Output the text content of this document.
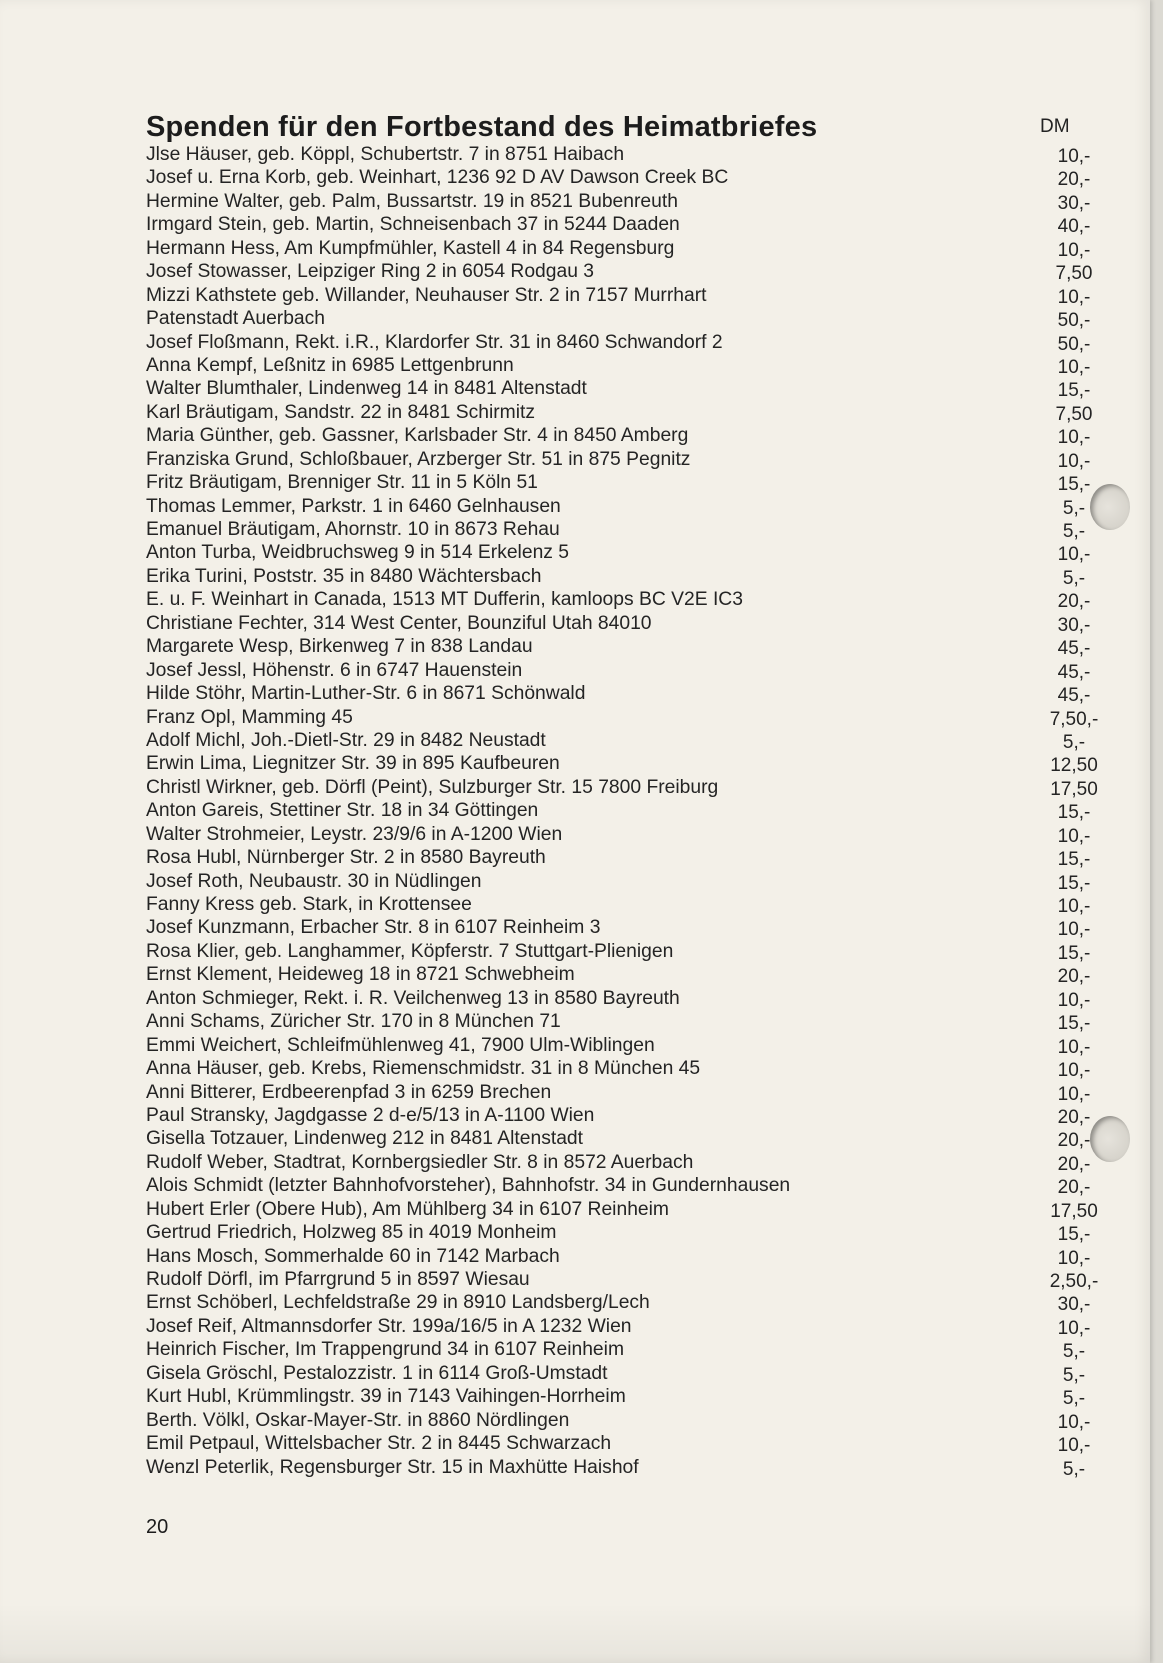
Spenden für den Fortbestand des Heimatbriefes	DM
Jlse Häuser, geb. Köppl, Schubertstr. 7 in 8751 Haibach	10,-
Josef u. Erna Korb, geb. Weinhart, 1236 92 D AV Dawson Creek BC	20,-
Hermine Walter, geb. Palm, Bussartstr. 19 in 8521 Bubenreuth	30,-
Irmgard Stein, geb. Martin, Schneisenbach 37 in 5244 Daaden	40,-
Hermann Hess, Am Kumpfmühler, Kastell 4 in 84 Regensburg	10,-
Josef Stowasser, Leipziger Ring 2 in 6054 Rodgau 3	7,50
Mizzi Kathstete geb. Willander, Neuhauser Str. 2 in 7157 Murrhart	10,-
Patenstadt Auerbach	50,-
Josef Floßmann, Rekt. i.R., Klardorfer Str. 31 in 8460 Schwandorf 2	50,-
Anna Kempf, Leßnitz in 6985 Lettgenbrunn	10,-
Walter Blumthaler, Lindenweg 14 in 8481 Altenstadt	15,-
Karl Bräutigam, Sandstr. 22 in 8481 Schirmitz	7,50
Maria Günther, geb. Gassner, Karlsbader Str. 4 in 8450 Amberg	10,-
Franziska Grund, Schloßbauer, Arzberger Str. 51 in 875 Pegnitz	10,-
Fritz Bräutigam, Brenniger Str. 11 in 5 Köln 51	15,-
Thomas Lemmer, Parkstr. 1 in 6460 Gelnhausen	5,-
Emanuel Bräutigam, Ahornstr. 10 in 8673 Rehau	5,-
Anton Turba, Weidbruchsweg 9 in 514 Erkelenz 5	10,-
Erika Turini, Poststr. 35 in 8480 Wächtersbach	5,-
E. u. F. Weinhart in Canada, 1513 MT Dufferin, kamloops BC V2E IC3	20,-
Christiane Fechter, 314 West Center, Bounziful Utah 84010	30,-
Margarete Wesp, Birkenweg 7 in 838 Landau	45,-
Josef Jessl, Höhenstr. 6 in 6747 Hauenstein	45,-
Hilde Stöhr, Martin-Luther-Str. 6 in 8671 Schönwald	45,-
Franz Opl, Mamming 45	7,50,-
Adolf Michl, Joh.-Dietl-Str. 29 in 8482 Neustadt	5,-
Erwin Lima, Liegnitzer Str. 39 in 895 Kaufbeuren	12,50
Christl Wirkner, geb. Dörfl (Peint), Sulzburger Str. 15 7800 Freiburg	17,50
Anton Gareis, Stettiner Str. 18 in 34 Göttingen	15,-
Walter Strohmeier, Leystr. 23/9/6 in A-1200 Wien	10,-
Rosa Hubl, Nürnberger Str. 2 in 8580 Bayreuth	15,-
Josef Roth, Neubaustr. 30 in Nüdlingen	15,-
Fanny Kress geb. Stark, in Krottensee	10,-
Josef Kunzmann, Erbacher Str. 8 in 6107 Reinheim 3	10,-
Rosa Klier, geb. Langhammer, Köpferstr. 7 Stuttgart-Plienigen	15,-
Ernst Klement, Heideweg 18 in 8721 Schwebheim	20,-
Anton Schmieger, Rekt. i. R. Veilchenweg 13 in 8580 Bayreuth	10,-
Anni Schams, Züricher Str. 170 in 8 München 71	15,-
Emmi Weichert, Schleifmühlenweg 41, 7900 Ulm-Wiblingen	10,-
Anna Häuser, geb. Krebs, Riemenschmidstr. 31 in 8 München 45	10,-
Anni Bitterer, Erdbeerenpfad 3 in 6259 Brechen	10,-
Paul Stransky, Jagdgasse 2 d-e/5/13 in A-1100 Wien	20,-
Gisella Totzauer, Lindenweg 212 in 8481 Altenstadt	20,-
Rudolf Weber, Stadtrat, Kornbergsiedler Str. 8 in 8572 Auerbach	20,-
Alois Schmidt (letzter Bahnhofvorsteher), Bahnhofstr. 34 in Gundernhausen	20,-
Hubert Erler (Obere Hub), Am Mühlberg 34 in 6107 Reinheim	17,50
Gertrud Friedrich, Holzweg 85 in 4019 Monheim	15,-
Hans Mosch, Sommerhalde 60 in 7142 Marbach	10,-
Rudolf Dörfl, im Pfarrgrund 5 in 8597 Wiesau	2,50,-
Ernst Schöberl, Lechfeldstraße 29 in 8910 Landsberg/Lech	30,-
Josef Reif, Altmannsdorfer Str. 199a/16/5 in A 1232 Wien	10,-
Heinrich Fischer, Im Trappengrund 34 in 6107 Reinheim	5,-
Gisela Gröschl, Pestalozzistr. 1 in 6114 Groß-Umstadt	5,-
Kurt Hubl, Krümmlingstr. 39 in 7143 Vaihingen-Horrheim	5,-
Berth. Völkl, Oskar-Mayer-Str. in 8860 Nördlingen	10,-
Emil Petpaul, Wittelsbacher Str. 2 in 8445 Schwarzach	10,-
Wenzl Peterlik, Regensburger Str. 15 in Maxhütte Haishof	5,-
20
